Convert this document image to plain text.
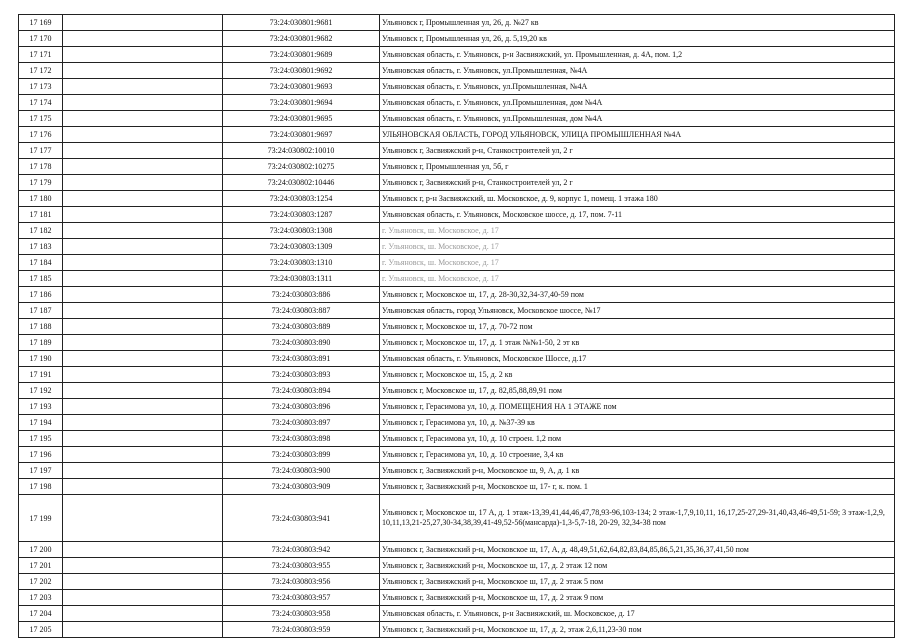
17 169		73:24:030801:9681	Ульяновск г, Промышленная ул, 26, д. №27 кв
17 170		73:24:030801:9682	Ульяновск г, Промышленная ул, 26, д. 5,19,20 кв
17 171		73:24:030801:9689	Ульяновская область, г. Ульяновск, р-н Засвияжский, ул. Промышленная, д. 4А, пом. 1,2
17 172		73:24:030801:9692	Ульяновская область, г. Ульяновск, ул.Промышленная, №4А
17 173		73:24:030801:9693	Ульяновская область, г. Ульяновск, ул.Промышленная, №4А
17 174		73:24:030801:9694	Ульяновская область, г. Ульяновск, ул.Промышленная, дом №4А
17 175		73:24:030801:9695	Ульяновская область, г. Ульяновск, ул.Промышленная, дом №4А
17 176		73:24:030801:9697	УЛЬЯНОВСКАЯ ОБЛАСТЬ, ГОРОД УЛЬЯНОВСК, УЛИЦА ПРОМЫШЛЕННАЯ №4А
17 177		73:24:030802:10010	Ульяновск г, Засвияжский р-н, Станкостроителей ул, 2 г
17 178		73:24:030802:10275	Ульяновск г, Промышленная ул, 5б, г
17 179		73:24:030802:10446	Ульяновск г, Засвияжский р-н, Станкостроителей ул, 2 г
17 180		73:24:030803:1254	Ульяновск г, р-н Засвияжский, ш. Московское, д. 9, корпус 1, помещ. 1 этажа 180
17 181		73:24:030803:1287	Ульяновская область, г. Ульяновск, Московское шоссе, д. 17, пом. 7-11
17 182		73:24:030803:1308	г. Ульяновск, ш. Московское, д. 17
17 183		73:24:030803:1309	г. Ульяновск, ш. Московское, д. 17
17 184		73:24:030803:1310	г. Ульяновск, ш. Московское, д. 17
17 185		73:24:030803:1311	г. Ульяновск, ш. Московское, д. 17
17 186		73:24:030803:886	Ульяновск г, Московское ш, 17, д. 28-30,32,34-37,40-59 пом
17 187		73:24:030803:887	Ульяновская область, город Ульяновск, Московское шоссе, №17
17 188		73:24:030803:889	Ульяновск г, Московское ш, 17, д. 70-72 пом
17 189		73:24:030803:890	Ульяновск г, Московское ш, 17, д. 1 этаж №№1-50, 2 эт кв
17 190		73:24:030803:891	Ульяновская область, г. Ульяновск, Московское Шоссе, д.17
17 191		73:24:030803:893	Ульяновск г, Московское ш, 15, д. 2 кв
17 192		73:24:030803:894	Ульяновск г, Московское ш, 17, д. 82,85,88,89,91 пом
17 193		73:24:030803:896	Ульяновск г, Герасимова ул, 10, д. ПОМЕЩЕНИЯ НА 1 ЭТАЖЕ пом
17 194		73:24:030803:897	Ульяновск г, Герасимова ул, 10, д. №37-39 кв
17 195		73:24:030803:898	Ульяновск г, Герасимова ул, 10, д. 10 строен. 1,2 пом
17 196		73:24:030803:899	Ульяновск г, Герасимова ул, 10, д. 10 строение, 3,4 кв
17 197		73:24:030803:900	Ульяновск г, Засвияжский р-н, Московское ш, 9, А, д. 1 кв
17 198		73:24:030803:909	Ульяновск г, Засвияжский р-н, Московское ш, 17- г, к. пом. 1
17 199		73:24:030803:941	Ульяновск г, Московское ш, 17 А, д. 1 этаж-13,39,41,44,46,47,78,93-96,103-134; 2 этаж-1,7,9,10,11, 16,17,25-27,29-31,40,43,46-49,51-59; 3 этаж-1,2,9, 10,11,13,21-25,27,30-34,38,39,41-49,52-56(мансарда)-1,3-5,7-18, 20-29, 32,34-38 пом
17 200		73:24:030803:942	Ульяновск г, Засвияжский р-н, Московское ш, 17, А, д. 48,49,51,62,64,82,83,84,85,86,5,21,35,36,37,41,50 пом
17 201		73:24:030803:955	Ульяновск г, Засвияжский р-н, Московское ш, 17, д. 2 этаж 12 пом
17 202		73:24:030803:956	Ульяновск г, Засвияжский р-н, Московское ш, 17, д. 2 этаж 5 пом
17 203		73:24:030803:957	Ульяновск г, Засвияжский р-н, Московское ш, 17, д. 2 этаж 9 пом
17 204		73:24:030803:958	Ульяновская область, г. Ульяновск, р-н Засвияжский, ш. Московское, д. 17
17 205		73:24:030803:959	Ульяновск г, Засвияжский р-н, Московское ш, 17, д. 2, этаж 2,6,11,23-30 пом
